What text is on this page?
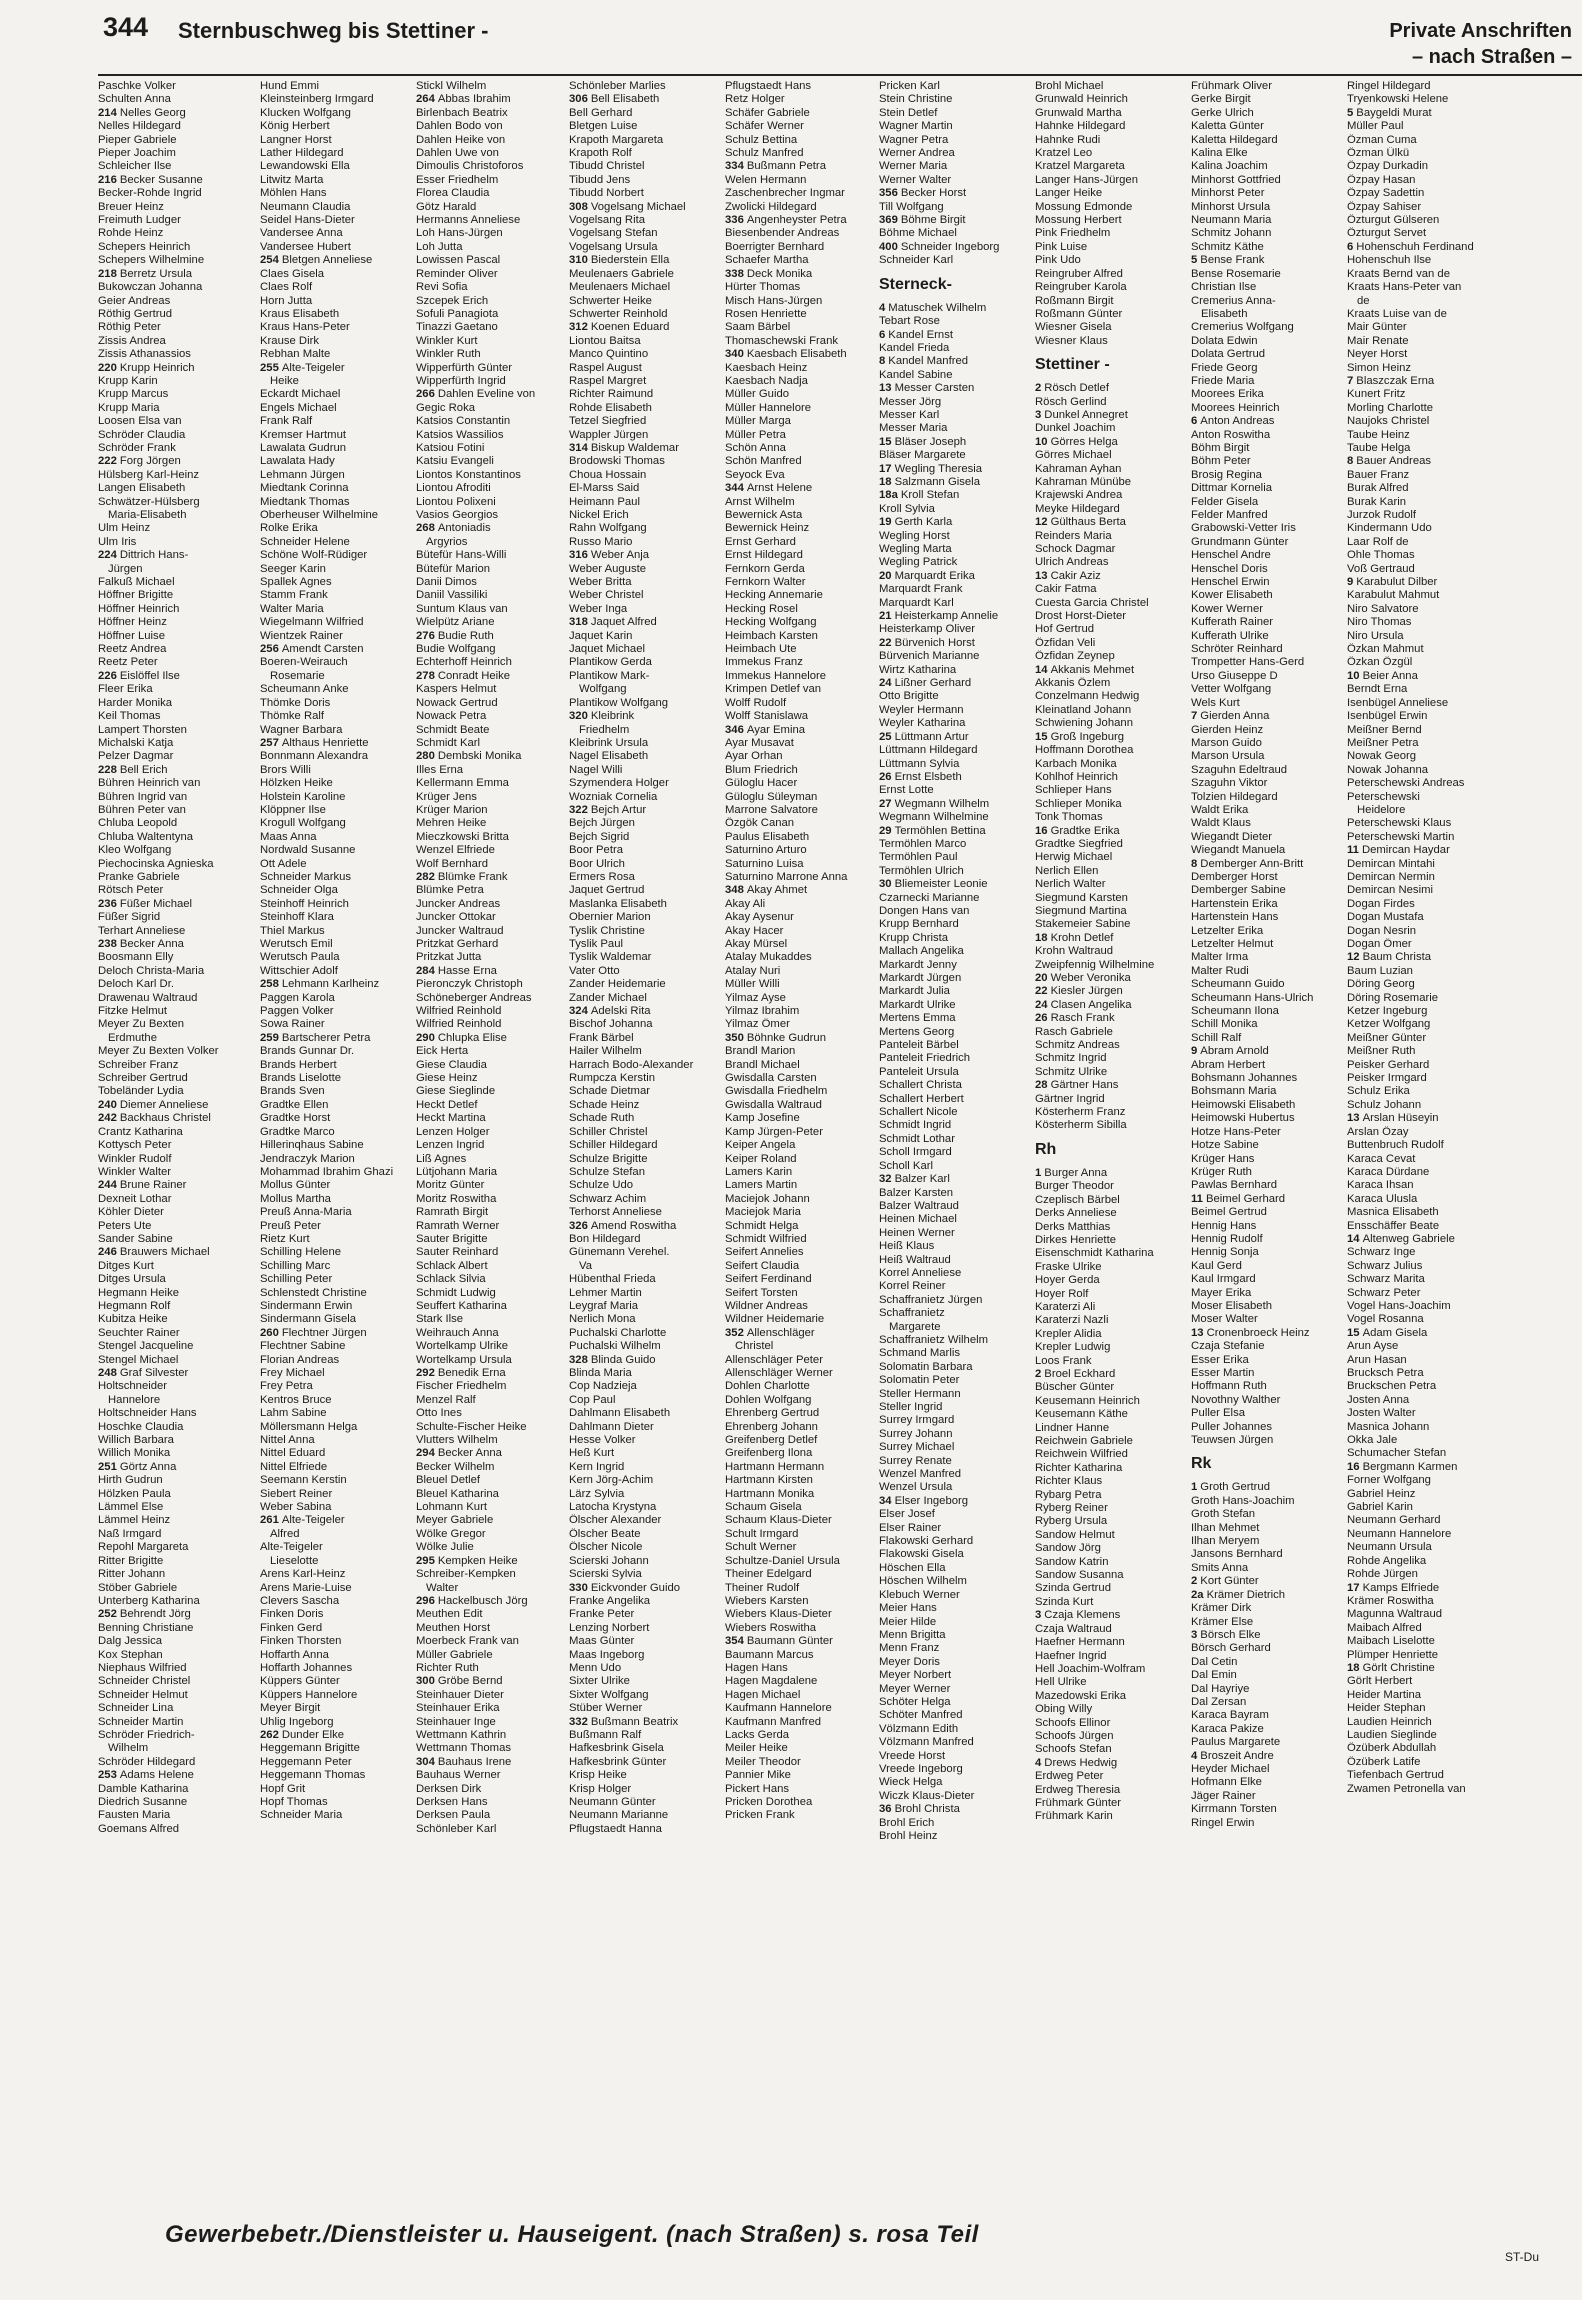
344 Sternbuschweg bis Stettiner -	Private Anschriften
– nach Straßen –
Paschke Volker
Schulten Anna
214 Nelles Georg
Nelles Hildegard
Pieper Gabriele
Pieper Joachim
Schleicher Ilse
216 Becker Susanne
Becker-Rohde Ingrid
Breuer Heinz
Freimuth Ludger
Rohde Heinz
Schepers Heinrich
Schepers Wilhelmine
218 Berretz Ursula
Bukowczan Johanna
Geier Andreas
Röthig Gertrud
Röthig Peter
Zissis Andrea
Zissis Athanassios
220 Krupp Heinrich
Krupp Karin
Krupp Marcus
Krupp Maria
Loosen Elsa van
Schröder Claudia
Schröder Frank
222 Forg Jörgen
Hülsberg Karl-Heinz
Langen Elisabeth
Schwätzer-Hülsberg
Maria-Elisabeth
Ulm Heinz
Ulm Iris
224 Dittrich Hans-
Jürgen
Falkuß Michael
Höffner Brigitte
Höffner Heinrich
Höffner Heinz
Höffner Luise
Reetz Andrea
Reetz Peter
226 Eislöffel Ilse
Fleer Erika
Harder Monika
Keil Thomas
Lampert Thorsten
Michalski Katja
Pelzer Dagmar
228 Bell Erich
Bühren Heinrich van
Bühren Ingrid van
Bühren Peter van
Chluba Leopold
Chluba Waltentyna
Kleo Wolfgang
Piechocinska Agnieska
Pranke Gabriele
Rötsch Peter
236 Füßer Michael
Füßer Sigrid
Terhart Anneliese
238 Becker Anna
Boosmann Elly
Deloch Christa-Maria
Deloch Karl Dr.
Drawenau Waltraud
Fitzke Helmut
Meyer Zu Bexten
Erdmuthe
Meyer Zu Bexten Volker
Schreiber Franz
Schreiber Gertrud
Tobeländer Lydia
240 Diemer Anneliese
242 Backhaus Christel
Crantz Katharina
Kottysch Peter
Winkler Rudolf
Winkler Walter
244 Brune Rainer
Dexneit Lothar
Köhler Dieter
Peters Ute
Sander Sabine
246 Brauwers Michael
Ditges Kurt
Ditges Ursula
Hegmann Heike
Hegmann Rolf
Kubitza Heike
Seuchter Rainer
Stengel Jacqueline
Stengel Michael
248 Graf Silvester
Holtschneider
Hannelore
Holtschneider Hans
Hoschke Claudia
Willich Barbara
Willich Monika
251 Görtz Anna
Hirth Gudrun
Hölzken Paula
Lämmel Else
Lämmel Heinz
Naß Irmgard
Repohl Margareta
Ritter Brigitte
Ritter Johann
Stöber Gabriele
Unterberg Katharina
252 Behrendt Jörg
Benning Christiane
Dalg Jessica
Kox Stephan
Niephaus Wilfried
Schneider Christel
Schneider Helmut
Schneider Lina
Schneider Martin
Schröder Friedrich-
Wilhelm
Schröder Hildegard
253 Adams Helene
Damble Katharina
Diedrich Susanne
Fausten Maria
Goemans Alfred
Hund Emmi
Kleinsteinberg Irmgard
Klucken Wolfgang
König Herbert
Langner Horst
Lather Hildegard
Lewandowski Ella
Litwitz Marta
Möhlen Hans
Neumann Claudia
Seidel Hans-Dieter
Vandersee Anna
Vandersee Hubert
254 Bletgen Anneliese
Claes Gisela
Claes Rolf
Horn Jutta
Kraus Elisabeth
Kraus Hans-Peter
Krause Dirk
Rebhan Malte
255 Alte-Teigeler
Heike
Eckardt Michael
Engels Michael
Frank Ralf
Kremser Hartmut
Lawalata Gudrun
Lawalata Hady
Lehmann Jürgen
Miedtank Corinna
Miedtank Thomas
Oberheuser Wilhelmine
Rolke Erika
Schneider Helene
Schöne Wolf-Rüdiger
Seeger Karin
Spallek Agnes
Stamm Frank
Walter Maria
Wiegelmann Wilfried
Wientzek Rainer
256 Amendt Carsten
Boeren-Weirauch
Rosemarie
Scheumann Anke
Thömke Doris
Thömke Ralf
Wagner Barbara
257 Althaus Henriette
Bonnmann Alexandra
Brors Willi
Hölzken Heike
Holstein Karoline
Klöppner Ilse
Krogull Wolfgang
Maas Anna
Nordwald Susanne
Ott Adele
Schneider Markus
Schneider Olga
Steinhoff Heinrich
Steinhoff Klara
Thiel Markus
Werutsch Emil
Werutsch Paula
Wittschier Adolf
258 Lehmann Karlheinz
Paggen Karola
Paggen Volker
Sowa Rainer
259 Bartscherer Petra
Brands Gunnar Dr.
Brands Herbert
Brands Liselotte
Brands Sven
Gradtke Ellen
Gradtke Horst
Gradtke Marco
Hillerinqhaus Sabine
Jendraczyk Marion
Mohammad Ibrahim Ghazi
Mollus Günter
Mollus Martha
Preuß Anna-Maria
Preuß Peter
Rietz Kurt
Schilling Helene
Schilling Marc
Schilling Peter
Schlenstedt Christine
Sindermann Erwin
Sindermann Gisela
260 Flechtner Jürgen
Flechtner Sabine
Florian Andreas
Frey Michael
Frey Petra
Kentros Bruce
Lahm Sabine
Möllersmann Helga
Nittel Anna
Nittel Eduard
Nittel Elfriede
Seemann Kerstin
Siebert Reiner
Weber Sabina
261 Alte-Teigeler
Alfred
Alte-Teigeler
Lieselotte
Arens Karl-Heinz
Arens Marie-Luise
Clevers Sascha
Finken Doris
Finken Gerd
Finken Thorsten
Hoffarth Anna
Hoffarth Johannes
Küppers Günter
Küppers Hannelore
Meyer Birgit
Uhlig Ingeborg
262 Dunder Elke
Heggemann Brigitte
Heggemann Peter
Heggemann Thomas
Hopf Grit
Hopf Thomas
Schneider Maria
Stickl Wilhelm
264 Abbas Ibrahim
Birlenbach Beatrix
Dahlen Bodo von
Dahlen Heike von
Dahlen Uwe von
Dimoulis Christoforos
Esser Friedhelm
Florea Claudia
Götz Harald
Hermanns Anneliese
Loh Hans-Jürgen
Loh Jutta
Lowissen Pascal
Reminder Oliver
Revi Sofia
Szcepek Erich
Sofuli Panagiota
Tinazzi Gaetano
Winkler Kurt
Winkler Ruth
Wipperfürth Günter
Wipperfürth Ingrid
266 Dahlen Eveline von
Gegic Roka
Katsios Constantin
Katsios Wassilios
Katsiou Fotini
Katsiu Evangeli
Liontos Konstantinos
Liontou Afroditi
Liontou Polixeni
Vasios Georgios
268 Antoniadis
Argyrios
Bütefür Hans-Willi
Bütefür Marion
Danii Dimos
Daniil Vassiliki
Suntum Klaus van
Wielpütz Ariane
276 Budie Ruth
Budie Wolfgang
Echterhoff Heinrich
278 Conradt Heike
Kaspers Helmut
Nowack Gertrud
Nowack Petra
Schmidt Beate
Schmidt Karl
280 Dembski Monika
Illes Erna
Kellermann Emma
Krüger Jens
Krüger Marion
Mehren Heike
Mieczkowski Britta
Wenzel Elfriede
Wolf Bernhard
282 Blümke Frank
Blümke Petra
Juncker Andreas
Juncker Ottokar
Juncker Waltraud
Pritzkat Gerhard
Pritzkat Jutta
284 Hasse Erna
Pieronczyk Christoph
Schöneberger Andreas
Wilfried Reinhold
Wilfried Reinhold
290 Chlupka Elise
Eick Herta
Giese Claudia
Giese Heinz
Giese Sieglinde
Heckt Detlef
Heckt Martina
Lenzen Holger
Lenzen Ingrid
Liß Agnes
Lütjohann Maria
Moritz Günter
Moritz Roswitha
Ramrath Birgit
Ramrath Werner
Sauter Brigitte
Sauter Reinhard
Schlack Albert
Schlack Silvia
Schmidt Ludwig
Seuffert Katharina
Stark Ilse
Weihrauch Anna
Wortelkamp Ulrike
Wortelkamp Ursula
292 Benedik Erna
Fischer Friedhelm
Menzel Ralf
Otto Ines
Schulte-Fischer Heike
Vlutters Wilhelm
294 Becker Anna
Becker Wilhelm
Bleuel Detlef
Bleuel Katharina
Lohmann Kurt
Meyer Gabriele
Wölke Gregor
Wölke Julie
295 Kempken Heike
Schreiber-Kempken
Walter
296 Hackelbusch Jörg
Meuthen Edit
Meuthen Horst
Moerbeck Frank van
Müller Gabriele
Richter Ruth
300 Gröbe Bernd
Steinhauer Dieter
Steinhauer Erika
Steinhauer Inge
Wettmann Kathrin
Wettmann Thomas
304 Bauhaus Irene
Bauhaus Werner
Derksen Dirk
Derksen Hans
Derksen Paula
Schönleber Karl
Schönleber Marlies
306 Bell Elisabeth
Bell Gerhard
Bletgen Luise
Krapoth Margareta
Krapoth Rolf
Tibudd Christel
Tibudd Jens
Tibudd Norbert
308 Vogelsang Michael
Vogelsang Rita
Vogelsang Stefan
Vogelsang Ursula
310 Biederstein Ella
Meulenaers Gabriele
Meulenaers Michael
Schwerter Heike
Schwerter Reinhold
312 Koenen Eduard
Liontou Baitsa
Manco Quintino
Raspel August
Raspel Margret
Richter Raimund
Rohde Elisabeth
Tetzel Siegfried
Wappler Jürgen
314 Biskup Waldemar
Brodowski Thomas
Choua Hossain
El-Marss Said
Heimann Paul
Nickel Erich
Rahn Wolfgang
Russo Mario
316 Weber Anja
Weber Auguste
Weber Britta
Weber Christel
Weber Inga
318 Jaquet Alfred
Jaquet Karin
Jaquet Michael
Plantikow Gerda
Plantikow Mark-
Wolfgang
Plantikow Wolfgang
320 Kleibrink
Friedhelm
Kleibrink Ursula
Nagel Elisabeth
Nagel Willi
Szymendera Holger
Wozniak Cornelia
322 Bejch Artur
Bejch Jürgen
Bejch Sigrid
Boor Petra
Boor Ulrich
Ermers Rosa
Jaquet Gertrud
Maslanka Elisabeth
Obernier Marion
Tyslik Christine
Tyslik Paul
Tyslik Waldemar
Vater Otto
Zander Heidemarie
Zander Michael
324 Adelski Rita
Bischof Johanna
Frank Bärbel
Hailer Wilhelm
Harrach Bodo-Alexander
Rumpcza Kerstin
Schade Dietmar
Schade Heinz
Schade Ruth
Schiller Christel
Schiller Hildegard
Schulze Brigitte
Schulze Stefan
Schulze Udo
Schwarz Achim
Terhorst Anneliese
326 Amend Roswitha
Bon Hildegard
Günemann Verehel.
Va
Hübenthal Frieda
Lehmer Martin
Leygraf Maria
Nerlich Mona
Puchalski Charlotte
Puchalski Wilhelm
328 Blinda Guido
Blinda Maria
Cop Nadzieja
Cop Paul
Dahlmann Elisabeth
Dahlmann Dieter
Hesse Volker
Heß Kurt
Kern Ingrid
Kern Jörg-Achim
Lärz Sylvia
Latocha Krystyna
Ölscher Alexander
Ölscher Beate
Ölscher Nicole
Scierski Johann
Scierski Sylvia
330 Eickvonder Guido
Franke Angelika
Franke Peter
Lenzing Norbert
Maas Günter
Maas Ingeborg
Menn Udo
Sixter Ulrike
Sixter Wolfgang
Stüber Werner
332 Bußmann Beatrix
Bußmann Ralf
Hafkesbrink Gisela
Hafkesbrink Günter
Krisp Heike
Krisp Holger
Neumann Günter
Neumann Marianne
Pflugstaedt Hanna
Pflugstaedt Hans
Retz Holger
Schäfer Gabriele
Schäfer Werner
Schulz Bettina
Schulz Manfred
334 Bußmann Petra
Welen Hermann
Zaschenbrecher Ingmar
Zwolicki Hildegard
336 Angenheyster Petra
Biesenbender Andreas
Boerrigter Bernhard
Schaefer Martha
338 Deck Monika
Hürter Thomas
Misch Hans-Jürgen
Rosen Henriette
Saam Bärbel
Thomaschewski Frank
340 Kaesbach Elisabeth
Kaesbach Heinz
Kaesbach Nadja
Müller Guido
Müller Hannelore
Müller Marga
Müller Petra
Schön Anna
Schön Manfred
Seyock Eva
344 Arnst Helene
Arnst Wilhelm
Bewernick Asta
Bewernick Heinz
Ernst Gerhard
Ernst Hildegard
Fernkorn Gerda
Fernkorn Walter
Hecking Annemarie
Hecking Rosel
Hecking Wolfgang
Heimbach Karsten
Heimbach Ute
Immekus Franz
Immekus Hannelore
Krimpen Detlef van
Wolff Rudolf
Wolff Stanislawa
346 Ayar Emina
Ayar Musavat
Ayar Orhan
Blum Friedrich
Güloglu Hacer
Güloglu Süleyman
Marrone Salvatore
Özgök Canan
Paulus Elisabeth
Saturnino Arturo
Saturnino Luisa
Saturnino Marrone Anna
348 Akay Ahmet
Akay Ali
Akay Aysenur
Akay Hacer
Akay Mürsel
Atalay Mukaddes
Atalay Nuri
Müller Willi
Yilmaz Ayse
Yilmaz Ibrahim
Yilmaz Ömer
350 Böhnke Gudrun
Brandl Marion
Brandl Michael
Gwisdalla Carsten
Gwisdalla Friedhelm
Gwisdalla Waltraud
Kamp Josefine
Kamp Jürgen-Peter
Keiper Angela
Keiper Roland
Lamers Karin
Lamers Martin
Maciejok Johann
Maciejok Maria
Schmidt Helga
Schmidt Wilfried
Seifert Annelies
Seifert Claudia
Seifert Ferdinand
Seifert Torsten
Wildner Andreas
Wildner Heidemarie
352 Allenschläger
Christel
Allenschläger Peter
Allenschläger Werner
Dohlen Charlotte
Dohlen Wolfgang
Ehrenberg Gertrud
Ehrenberg Johann
Greifenberg Detlef
Greifenberg Ilona
Hartmann Hermann
Hartmann Kirsten
Hartmann Monika
Schaum Gisela
Schaum Klaus-Dieter
Schult Irmgard
Schult Werner
Schultze-Daniel Ursula
Theiner Edelgard
Theiner Rudolf
Wiebers Karsten
Wiebers Klaus-Dieter
Wiebers Roswitha
354 Baumann Günter
Baumann Marcus
Hagen Hans
Hagen Magdalene
Hagen Michael
Kaufmann Hannelore
Kaufmann Manfred
Lacks Gerda
Meiler Heike
Meiler Theodor
Pannier Mike
Pickert Hans
Pricken Dorothea
Pricken Frank
Pricken Karl
Stein Christine
Stein Detlef
Wagner Martin
Wagner Petra
Werner Andrea
Werner Maria
Werner Walter
356 Becker Horst
Till Wolfgang
369 Böhme Birgit
Böhme Michael
400 Schneider Ingeborg
Schneider Karl
Sterneck-
4 Matuschek Wilhelm
Tebart Rose
6 Kandel Ernst
Kandel Frieda
8 Kandel Manfred
Kandel Sabine
13 Messer Carsten
Messer Jörg
Messer Karl
Messer Maria
15 Bläser Joseph
Bläser Margarete
17 Wegling Theresia
18 Salzmann Gisela
18a Kroll Stefan
Kroll Sylvia
19 Gerth Karla
Wegling Horst
Wegling Marta
Wegling Patrick
20 Marquardt Erika
Marquardt Frank
Marquardt Karl
21 Heisterkamp Annelie
Heisterkamp Oliver
22 Bürvenich Horst
Bürvenich Marianne
Wirtz Katharina
24 Lißner Gerhard
Otto Brigitte
Weyler Hermann
Weyler Katharina
25 Lüttmann Artur
Lüttmann Hildegard
Lüttmann Sylvia
26 Ernst Elsbeth
Ernst Lotte
27 Wegmann Wilhelm
Wegmann Wilhelmine
29 Termöhlen Bettina
Termöhlen Marco
Termöhlen Paul
Termöhlen Ulrich
30 Bliemeister Leonie
Czarnecki Marianne
Dongen Hans van
Krupp Bernhard
Krupp Christa
Mallach Angelika
Markardt Jenny
Markardt Jürgen
Markardt Julia
Markardt Ulrike
Mertens Emma
Mertens Georg
Panteleit Bärbel
Panteleit Friedrich
Panteleit Ursula
Schallert Christa
Schallert Herbert
Schallert Nicole
Schmidt Ingrid
Schmidt Lothar
Scholl Irmgard
Scholl Karl
32 Balzer Karl
Balzer Karsten
Balzer Waltraud
Heinen Michael
Heinen Werner
Heiß Klaus
Heiß Waltraud
Korrel Anneliese
Korrel Reiner
Schaffranietz Jürgen
Schaffranietz
Margarete
Schaffranietz Wilhelm
Schmand Marlis
Solomatin Barbara
Solomatin Peter
Steller Hermann
Steller Ingrid
Surrey Irmgard
Surrey Johann
Surrey Michael
Surrey Renate
Wenzel Manfred
Wenzel Ursula
34 Elser Ingeborg
Elser Josef
Elser Rainer
Flakowski Gerhard
Flakowski Gisela
Höschen Ella
Höschen Wilhelm
Klebuch Werner
Meier Hans
Meier Hilde
Menn Brigitta
Menn Franz
Meyer Doris
Meyer Norbert
Meyer Werner
Schöter Helga
Schöter Manfred
Völzmann Edith
Völzmann Manfred
Vreede Horst
Vreede Ingeborg
Wieck Helga
Wiczk Klaus-Dieter
36 Brohl Christa
Brohl Erich
Brohl Heinz
Brohl Michael
Grunwald Heinrich
Grunwald Martha
Hahnke Hildegard
Hahnke Rudi
Kratzel Leo
Kratzel Margareta
Langer Hans-Jürgen
Langer Heike
Mossung Edmonde
Mossung Herbert
Pink Friedhelm
Pink Luise
Pink Udo
Reingruber Alfred
Reingruber Karola
Roßmann Birgit
Roßmann Günter
Wiesner Gisela
Wiesner Klaus
Stettiner -
2 Rösch Detlef
Rösch Gerlind
3 Dunkel Annegret
Dunkel Joachim
10 Görres Helga
Görres Michael
Kahraman Ayhan
Kahraman Münübe
Krajewski Andrea
Meyke Hildegard
12 Gülthaus Berta
Reinders Maria
Schock Dagmar
Ulrich Andreas
13 Cakir Aziz
Cakir Fatma
Cuesta Garcia Christel
Drost Horst-Dieter
Hof Gertrud
Özfidan Veli
Özfidan Zeynep
14 Akkanis Mehmet
Akkanis Özlem
Conzelmann Hedwig
Kleinatland Johann
Schwiening Johann
15 Groß Ingeburg
Hoffmann Dorothea
Karbach Monika
Kohlhof Heinrich
Schlieper Hans
Schlieper Monika
Tonk Thomas
16 Gradtke Erika
Gradtke Siegfried
Herwig Michael
Nerlich Ellen
Nerlich Walter
Siegmund Karsten
Siegmund Martina
Stakemeier Sabine
18 Krohn Detlef
Krohn Waltraud
Zweipfennig Wilhelmine
20 Weber Veronika
22 Kiesler Jürgen
24 Clasen Angelika
26 Rasch Frank
Rasch Gabriele
Schmitz Andreas
Schmitz Ingrid
Schmitz Ulrike
28 Gärtner Hans
Gärtner Ingrid
Kösterherm Franz
Kösterherm Sibilla
Rh
1 Burger Anna
Burger Theodor
Czeplisch Bärbel
Derks Anneliese
Derks Matthias
Dirkes Henriette
Eisenschmidt Katharina
Fraske Ulrike
Hoyer Gerda
Hoyer Rolf
Karaterzi Ali
Karaterzi Nazli
Krepler Alidia
Krepler Ludwig
Loos Frank
2 Broel Eckhard
Büscher Günter
Keusemann Heinrich
Keusemann Käthe
Lindner Hanne
Reichwein Gabriele
Reichwein Wilfried
Richter Katharina
Richter Klaus
Rybarg Petra
Ryberg Reiner
Ryberg Ursula
Sandow Helmut
Sandow Jörg
Sandow Katrin
Sandow Susanna
Szinda Gertrud
Szinda Kurt
3 Czaja Klemens
Czaja Waltraud
Haefner Hermann
Haefner Ingrid
Hell Joachim-Wolfram
Hell Ulrike
Mazedowski Erika
Obing Willy
Schoofs Ellinor
Schoofs Jürgen
Schoofs Stefan
4 Drews Hedwig
Erdweg Peter
Erdweg Theresia
Frühmark Günter
Frühmark Karin
Frühmark Oliver
Gerke Birgit
Gerke Ulrich
Kaletta Günter
Kaletta Hildegard
Kalina Elke
Kalina Joachim
Minhorst Gottfried
Minhorst Peter
Minhorst Ursula
Neumann Maria
Schmitz Johann
Schmitz Käthe
5 Bense Frank
Bense Rosemarie
Christian Ilse
Cremerius Anna-
Elisabeth
Cremerius Wolfgang
Dolata Edwin
Dolata Gertrud
Friede Georg
Friede Maria
Moorees Erika
Moorees Heinrich
6 Anton Andreas
Anton Roswitha
Böhm Birgit
Böhm Peter
Brosig Regina
Dittmar Kornelia
Felder Gisela
Felder Manfred
Grabowski-Vetter Iris
Grundmann Günter
Henschel Andre
Henschel Doris
Henschel Erwin
Kower Elisabeth
Kower Werner
Kufferath Rainer
Kufferath Ulrike
Schröter Reinhard
Trompetter Hans-Gerd
Urso Giuseppe D
Vetter Wolfgang
Wels Kurt
7 Gierden Anna
Gierden Heinz
Marson Guido
Marson Ursula
Szaguhn Edeltraud
Szaguhn Viktor
Tolzien Hildegard
Waldt Erika
Waldt Klaus
Wiegandt Dieter
Wiegandt Manuela
8 Demberger Ann-Britt
Demberger Horst
Demberger Sabine
Hartenstein Erika
Hartenstein Hans
Letzelter Erika
Letzelter Helmut
Malter Irma
Malter Rudi
Scheumann Guido
Scheumann Hans-Ulrich
Scheumann Ilona
Schill Monika
Schill Ralf
9 Abram Arnold
Abram Herbert
Bohsmann Johannes
Bohsmann Maria
Heimowski Elisabeth
Heimowski Hubertus
Hotze Hans-Peter
Hotze Sabine
Krüger Hans
Krüger Ruth
Pawlas Bernhard
11 Beimel Gerhard
Beimel Gertrud
Hennig Hans
Hennig Rudolf
Hennig Sonja
Kaul Gerd
Kaul Irmgard
Mayer Erika
Moser Elisabeth
Moser Walter
13 Cronenbroeck Heinz
Czaja Stefanie
Esser Erika
Esser Martin
Hoffmann Ruth
Novothny Walther
Puller Elsa
Puller Johannes
Teuwsen Jürgen
Rk
1 Groth Gertrud
Groth Hans-Joachim
Groth Stefan
Ilhan Mehmet
Ilhan Meryem
Jansons Bernhard
Smits Anna
2 Kort Günter
2a Krämer Dietrich
Krämer Dirk
Krämer Else
3 Börsch Elke
Börsch Gerhard
Dal Cetin
Dal Emin
Dal Hayriye
Dal Zersan
Karaca Bayram
Karaca Pakize
Paulus Margarete
4 Broszeit Andre
Heyder Michael
Hofmann Elke
Jäger Rainer
Kirrmann Torsten
Ringel Erwin
Ringel Hildegard
Tryenkowski Helene
5 Baygeldi Murat
Müller Paul
Özman Cuma
Özman Ülkü
Özpay Durkadin
Özpay Hasan
Özpay Sadettin
Özpay Sahiser
Özturgut Gülseren
Özturgut Servet
6 Hohenschuh Ferdinand
Hohenschuh Ilse
Kraats Bernd van de
Kraats Hans-Peter van
de
Kraats Luise van de
Mair Günter
Mair Renate
Neyer Horst
Simon Heinz
7 Blaszczak Erna
Kunert Fritz
Morling Charlotte
Naujoks Christel
Taube Heinz
Taube Helga
8 Bauer Andreas
Bauer Franz
Burak Alfred
Burak Karin
Jurzok Rudolf
Kindermann Udo
Laar Rolf de
Ohle Thomas
Voß Gertraud
9 Karabulut Dilber
Karabulut Mahmut
Niro Salvatore
Niro Thomas
Niro Ursula
Özkan Mahmut
Özkan Özgül
10 Beier Anna
Berndt Erna
Isenbügel Anneliese
Isenbügel Erwin
Meißner Bernd
Meißner Petra
Nowak Georg
Nowak Johanna
Peterschewski Andreas
Peterschewski
Heidelore
Peterschewski Klaus
Peterschewski Martin
11 Demircan Haydar
Demircan Mintahi
Demircan Nermin
Demircan Nesimi
Dogan Firdes
Dogan Mustafa
Dogan Nesrin
Dogan Ömer
12 Baum Christa
Baum Luzian
Döring Georg
Döring Rosemarie
Ketzer Ingeburg
Ketzer Wolfgang
Meißner Günter
Meißner Ruth
Peisker Gerhard
Peisker Irmgard
Schulz Erika
Schulz Johann
13 Arslan Hüseyin
Arslan Özay
Buttenbruch Rudolf
Karaca Cevat
Karaca Dürdane
Karaca Ihsan
Karaca Ulusla
Masnica Elisabeth
Ensschäffer Beate
14 Altenweg Gabriele
Schwarz Inge
Schwarz Julius
Schwarz Marita
Schwarz Peter
Vogel Hans-Joachim
Vogel Rosanna
15 Adam Gisela
Arun Ayse
Arun Hasan
Brucksch Petra
Bruckschen Petra
Josten Anna
Josten Walter
Masnica Johann
Okka Jale
Schumacher Stefan
16 Bergmann Karmen
Forner Wolfgang
Gabriel Heinz
Gabriel Karin
Neumann Gerhard
Neumann Hannelore
Neumann Ursula
Rohde Angelika
Rohde Jürgen
17 Kamps Elfriede
Krämer Roswitha
Magunna Waltraud
Maibach Alfred
Maibach Liselotte
Plümper Henriette
18 Görlt Christine
Görlt Herbert
Heider Martina
Heider Stephan
Laudien Heinrich
Laudien Sieglinde
Özüberk Abdullah
Özüberk Latife
Tiefenbach Gertrud
Zwamen Petronella van
Gewerbebetr./Dienstleister u. Hauseigent. (nach Straßen) s. rosa Teil
ST-Du
